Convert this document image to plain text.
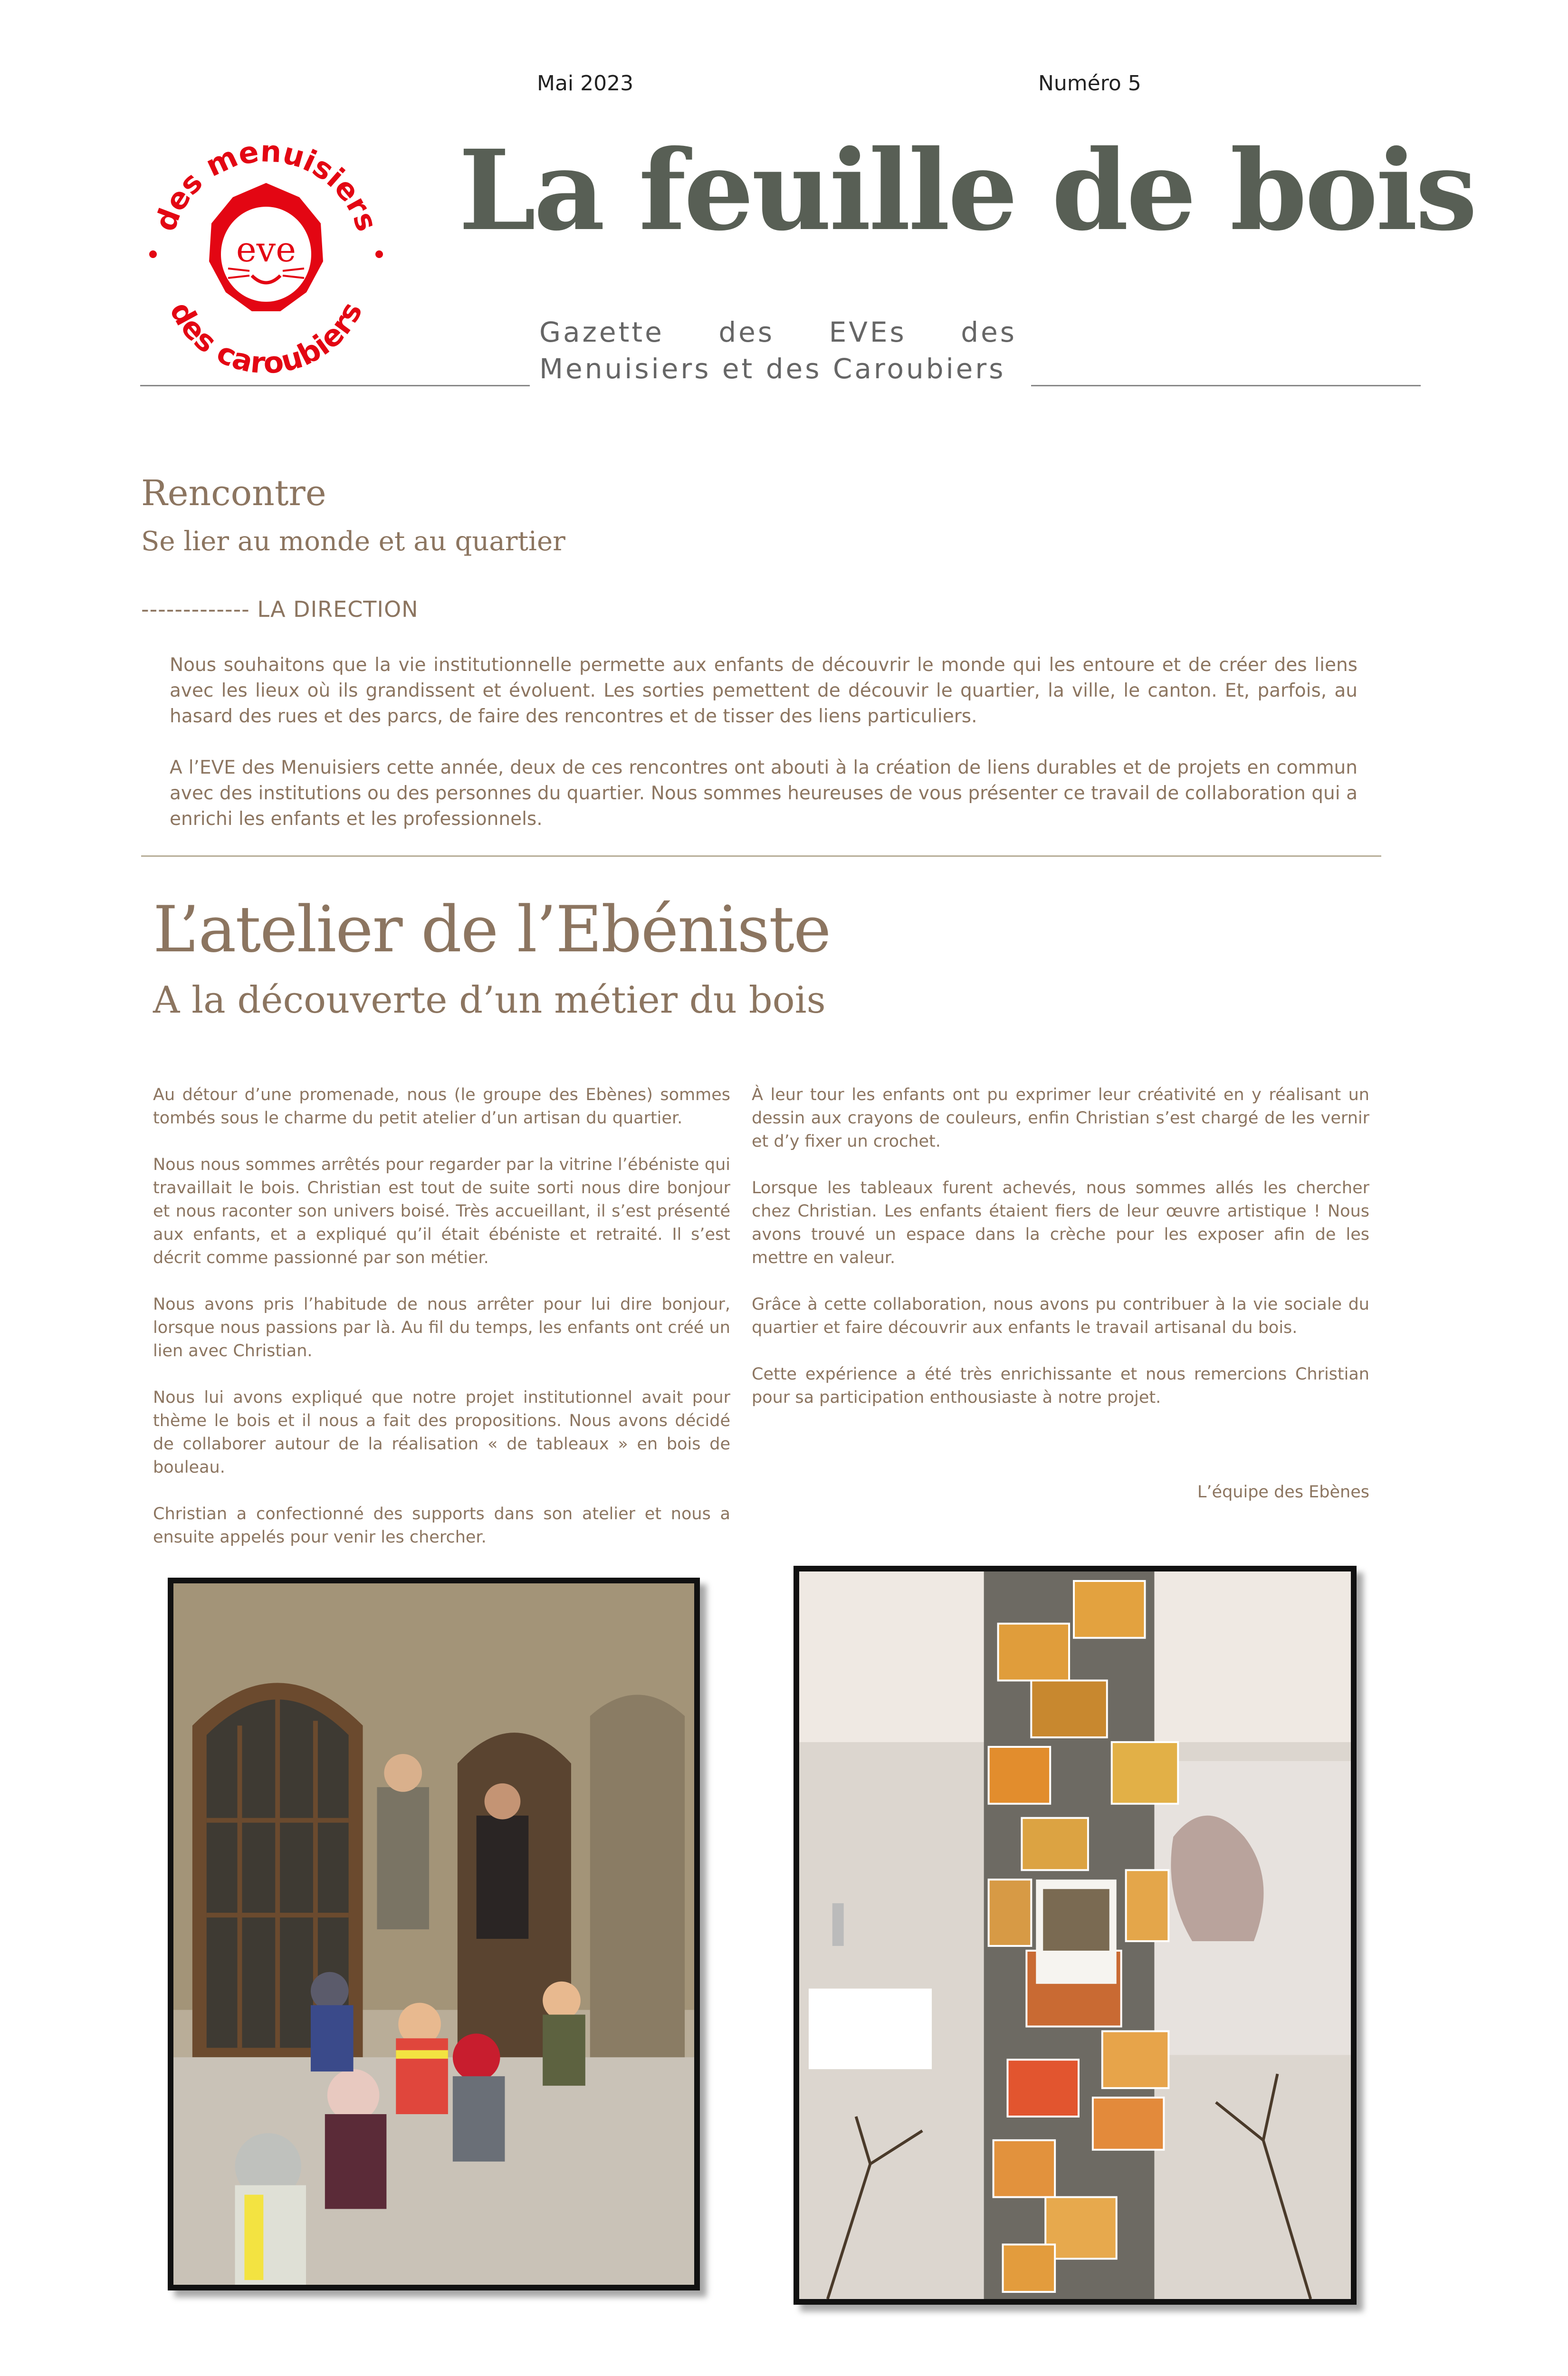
Mai 2023	Numéro 5
des menuisiers
des caroubiers
eve La feuille de bois
Gazette des EVEs des
Menuisiers et des Caroubiers
Rencontre
Se lier au monde et au quartier
------------- LA DIRECTION

Nous souhaitons que la vie institutionnelle permette aux enfants de découvrir le monde qui les entoure et de créer des liens avec les lieux où ils grandissent et évoluent. Les sorties pemettent de découvir le quartier, la ville, le canton. Et, parfois, au hasard des rues et des parcs, de faire des rencontres et de tisser des liens particuliers.

A l’EVE des Menuisiers cette année, deux de ces rencontres ont abouti à la création de liens durables et de projets en commun avec des institutions ou des personnes du quartier. Nous sommes heureuses de vous présenter ce travail de collaboration qui a enrichi les enfants et les professionnels.

L’atelier de l’Ebéniste
A la découverte d’un métier du bois

Au détour d’une promenade, nous (le groupe des Ebènes) sommes tombés sous le charme du petit atelier d’un artisan du quartier.

Nous nous sommes arrêtés pour regarder par la vitrine l’ébéniste qui travaillait le bois. Christian est tout de suite sorti nous dire bonjour et nous raconter son univers boisé. Très accueillant, il s’est présenté aux enfants, et a expliqué qu’il était ébéniste et retraité. Il s’est décrit comme passionné par son métier.

Nous avons pris l’habitude de nous arrêter pour lui dire bonjour, lorsque nous passions par là. Au fil du temps, les enfants ont créé un lien avec Christian.

Nous lui avons expliqué que notre projet institutionnel avait pour thème le bois et il nous a fait des propositions. Nous avons décidé de collaborer autour de la réalisation « de tableaux » en bois de bouleau.

Christian a confectionné des supports dans son atelier et nous a ensuite appelés pour venir les chercher.

À leur tour les enfants ont pu exprimer leur créativité en y réalisant un dessin aux crayons de couleurs, enfin Christian s’est chargé de les vernir et d’y fixer un crochet.

Lorsque les tableaux furent achevés, nous sommes allés les chercher chez Christian. Les enfants étaient fiers de leur œuvre artistique ! Nous avons trouvé un espace dans la crèche pour les exposer afin de les mettre en valeur.

Grâce à cette collaboration, nous avons pu contribuer à la vie sociale du quartier et faire découvrir aux enfants le travail artisanal du bois.

Cette expérience a été très enrichissante et nous remercions Christian pour sa participation enthousiaste à notre projet.

L’équipe des Ebènes
